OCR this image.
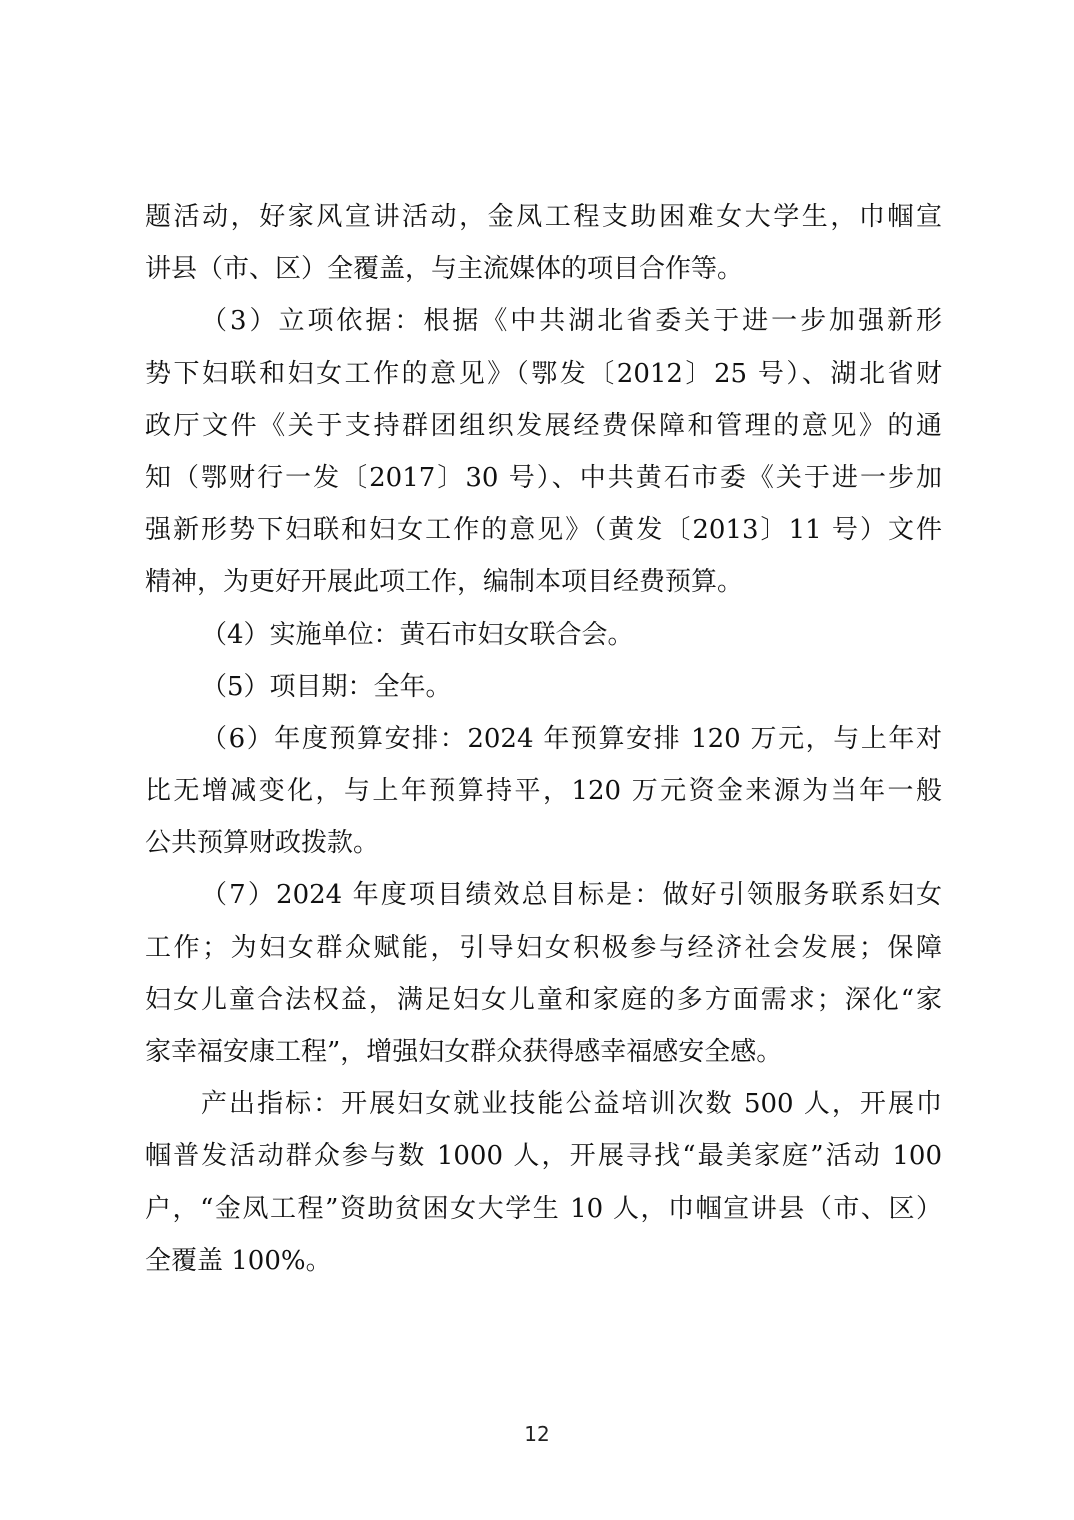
题活动，好家风宣讲活动，金凤工程支助困难女大学生，巾帼宣
讲县（市、区）全覆盖，与主流媒体的项目合作等。
（3）立项依据：根据《中共湖北省委关于进一步加强新形
势下妇联和妇女工作的意见》（鄂发〔2012〕25 号）、湖北省财
政厅文件《关于支持群团组织发展经费保障和管理的意见》的通
知（鄂财行一发〔2017〕30 号）、中共黄石市委《关于进一步加
强新形势下妇联和妇女工作的意见》（黄发〔2013〕11 号）文件
精神，为更好开展此项工作，编制本项目经费预算。
（4）实施单位：黄石市妇女联合会。
（5）项目期：全年。
（6）年度预算安排：2024 年预算安排 120 万元，与上年对
比无增减变化，与上年预算持平，120 万元资金来源为当年一般
公共预算财政拨款。
（7）2024 年度项目绩效总目标是：做好引领服务联系妇女
工作；为妇女群众赋能，引导妇女积极参与经济社会发展；保障
妇女儿童合法权益，满足妇女儿童和家庭的多方面需求；深化“家
家幸福安康工程”，增强妇女群众获得感幸福感安全感。
产出指标：开展妇女就业技能公益培训次数 500 人，开展巾
帼普发活动群众参与数 1000 人，开展寻找“最美家庭”活动 100
户，“金凤工程”资助贫困女大学生 10 人，巾帼宣讲县（市、区）
全覆盖 100%。
12
